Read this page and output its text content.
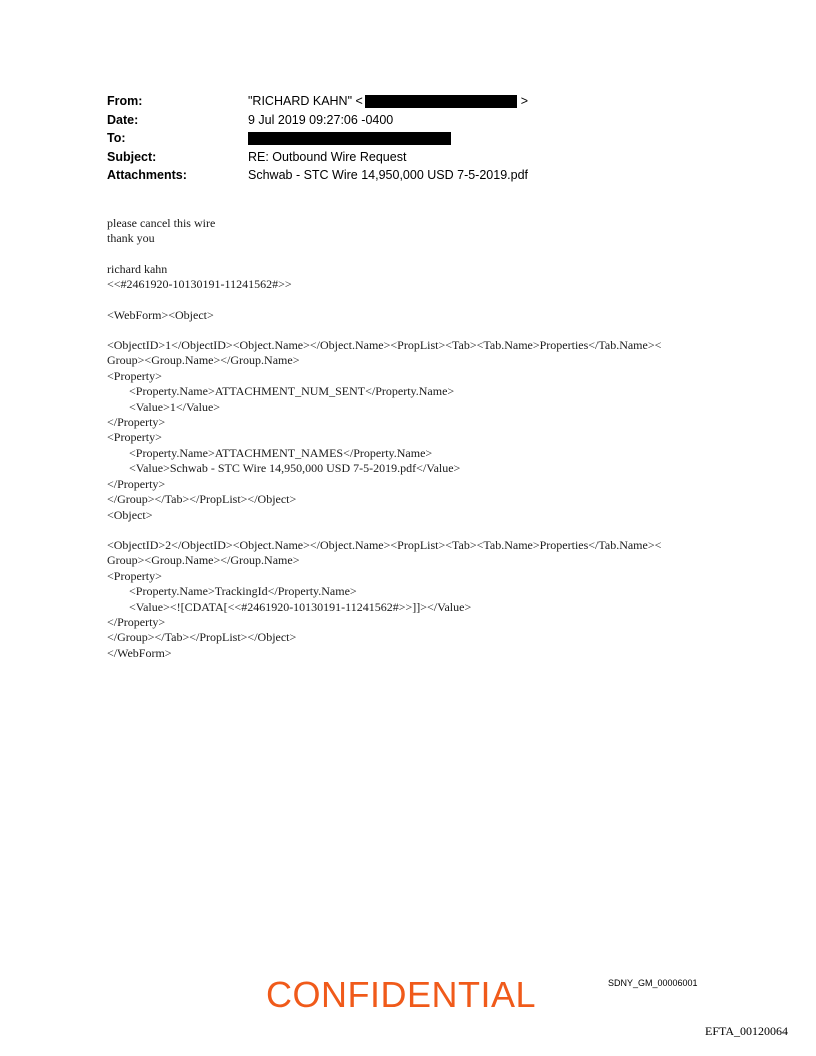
From:	"RICHARD KAHN" <	>
Date:	9 Jul 2019 09:27:06 -0400
To:
Subject:	RE: Outbound Wire Request
Attachments:	Schwab - STC Wire 14,950,000 USD 7-5-2019.pdf
please cancel this wire
thank you
richard kahn
<<#2461920-10130191-11241562#>>
<WebForm><Object>
<ObjectID>1</ObjectID><Object.Name></Object.Name><PropList><Tab><Tab.Name>Properties</Tab.Name><
Group><Group.Name></Group.Name>
<Property>
<Property.Name>ATTACHMENT_NUM_SENT</Property.Name>
<Value>1</Value>
</Property>
<Property>
<Property.Name>ATTACHMENT_NAMES</Property.Name>
<Value>Schwab - STC Wire 14,950,000 USD 7-5-2019.pdf</Value>
</Property>
</Group></Tab></PropList></Object>
<Object>
<ObjectID>2</ObjectID><Object.Name></Object.Name><PropList><Tab><Tab.Name>Properties</Tab.Name><
Group><Group.Name></Group.Name>
<Property>
<Property.Name>TrackingId</Property.Name>
<Value><![CDATA[<<#2461920-10130191-11241562#>>]]></Value>
</Property>
</Group></Tab></PropList></Object>
</WebForm>
CONFIDENTIAL	SDNY_GM_00006001
EFTA_00120064
